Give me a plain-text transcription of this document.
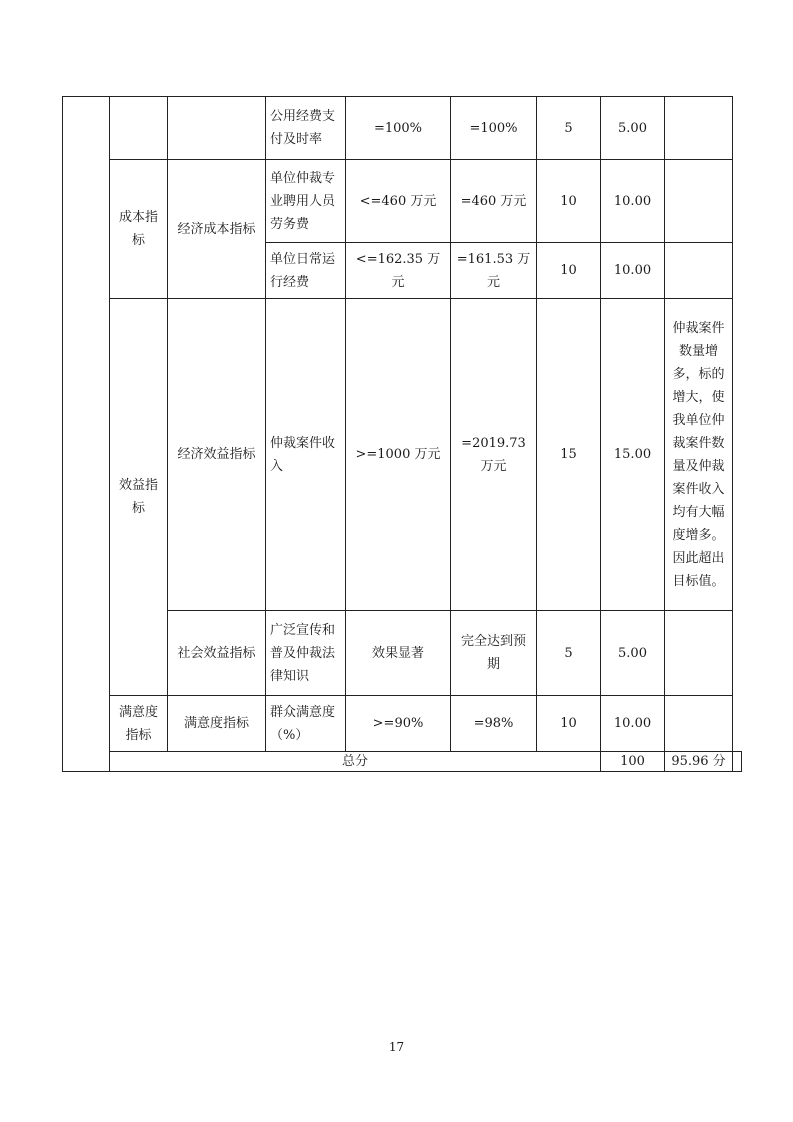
			公用经费支付及时率	=100%	=100%	5	5.00		
	成本指标	经济成本指标	单位仲裁专业聘用人员劳务费	<=460 万元	=460 万元	10	10.00		
			单位日常运行经费	<=162.35 万元	=161.53 万元	10	10.00		
	效益指标	经济效益指标	仲裁案件收入	>=1000 万元	=2019.73 万元	15	15.00	仲裁案件数量增多，标的增大，使我单位仲裁案件数量及仲裁案件收入均有大幅度增多。因此超出目标值。	
		社会效益指标	广泛宣传和普及仲裁法律知识	效果显著	完全达到预期	5	5.00		
	满意度指标	满意度指标	群众满意度（%）	>=90%	=98%	10	10.00		
	总分						100	95.96 分	
17
